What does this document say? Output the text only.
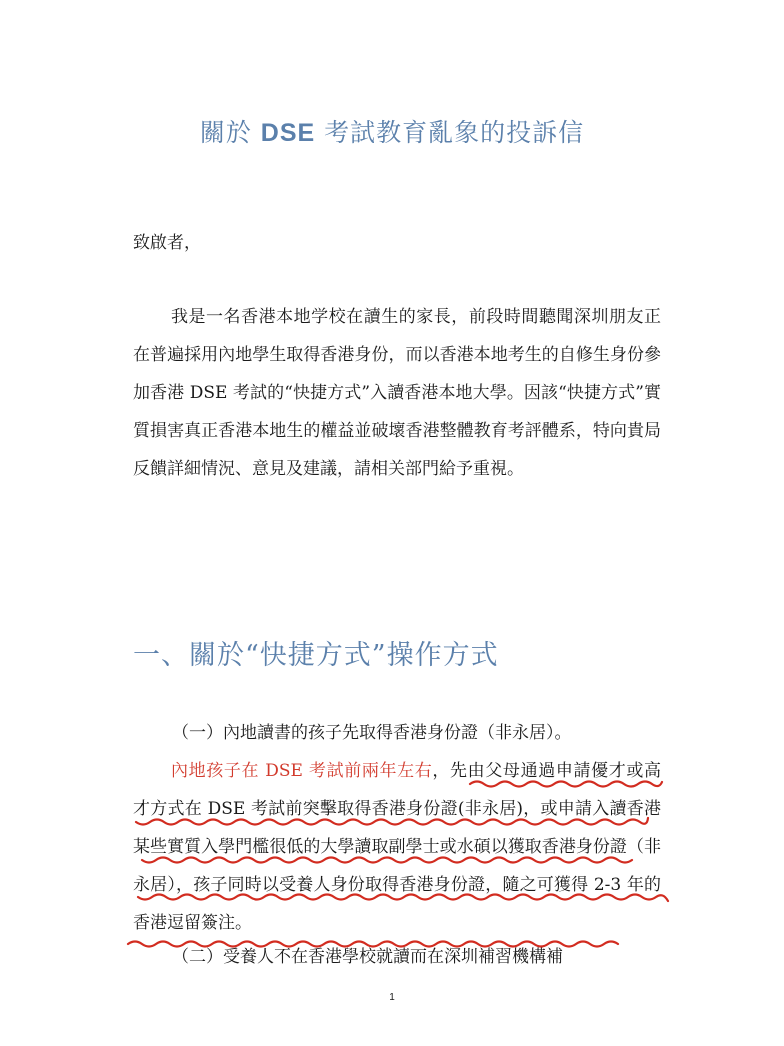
關於 DSE 考試教育亂象的投訴信
致啟者，

我是一名香港本地学校在讀生的家長，前段時間聽聞深圳朋友正在普遍採用內地學生取得香港身份，而以香港本地考生的自修生身份參加香港 DSE 考試的“快捷方式”入讀香港本地大學。因該“快捷方式”實質損害真正香港本地生的權益並破壞香港整體教育考評體系，特向貴局反饋詳細情況、意見及建議，請相关部門給予重視。

一、關於“快捷方式”操作方式
（一）內地讀書的孩子先取得香港身份證（非永居）。

內地孩子在 DSE 考試前兩年左右，先由父母通過申請優才或高才方式在 DSE 考試前突擊取得香港身份證(非永居)，或申請入讀香港某些實質入學門檻很低的大學讀取副學士或水碩以獲取香港身份證（非永居），孩子同時以受養人身份取得香港身份證，隨之可獲得 2-3 年的香港逗留簽注。

（二）受養人不在香港學校就讀而在深圳補習機構補
1
